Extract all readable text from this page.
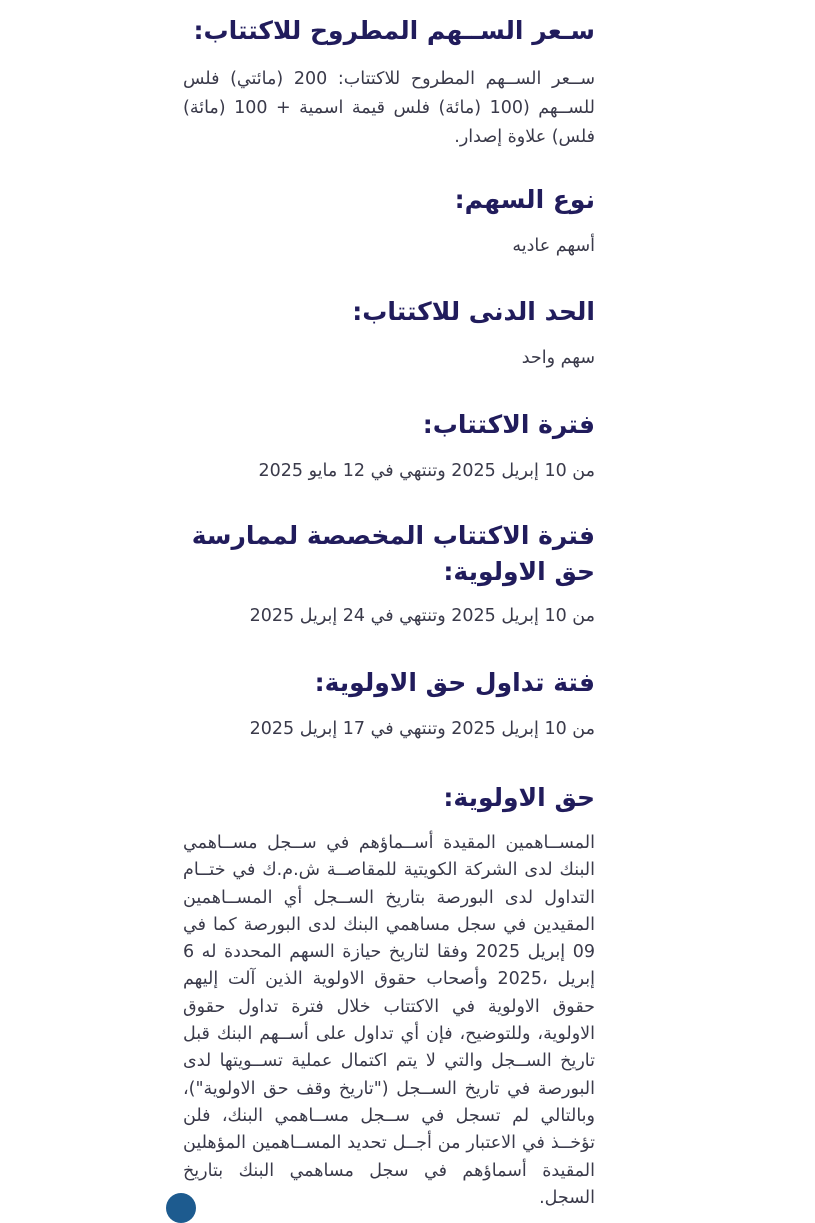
سـعر الســهم المطروح للاكتتاب:

ســعر الســهم المطروح للاكتتاب: 200 (مائتي) فلس للســهم (100 (مائة) فلس قيمة اسمية + 100 (مائة) فلس) علاوة إصدار.

نوع السهم:

أسهم عاديه

الحد الدنى للاكتتاب:

سهم واحد

فترة الاكتتاب:

من 10 إبريل 2025 وتنتهي في 12 مايو 2025

فترة الاكتتاب المخصصة لممارسة حق الاولوية:

من 10 إبريل 2025 وتنتهي في 24 إبريل 2025

فتة تداول حق الاولوية:

من 10 إبريل 2025 وتنتهي في 17 إبريل 2025

حق الاولوية:

المســاهمين المقيدة أســماؤهم في ســجل مســاهمي البنك لدى الشركة الكويتية للمقاصــة ش.م.ك في ختــام التداول لدى البورصة بتاريخ الســجل أي المســاهمين المقيدين في سجل مساهمي البنك لدى البورصة كما في 09 إبريل 2025 وفقا لتاريخ حيازة السهم المحددة له 6 إبريل ،2025 وأصحاب حقوق الاولوية الذين آلت إليهم حقوق الاولوية في الاكتتاب خلال فترة تداول حقوق الاولوية، وللتوضيح، فإن أي تداول على أســهم البنك قبل تاريخ الســجل والتي لا يتم اكتمال عملية تســويتها لدى البورصة في تاريخ الســجل ("تاريخ وقف حق الاولوية")، وبالتالي لم تسجل في ســجل مســاهمي البنك، فلن تؤخــذ في الاعتبار من أجــل تحديد المســاهمين المؤهلين المقيدة أسماؤهم في سجل مساهمي البنك بتاريخ السجل.
